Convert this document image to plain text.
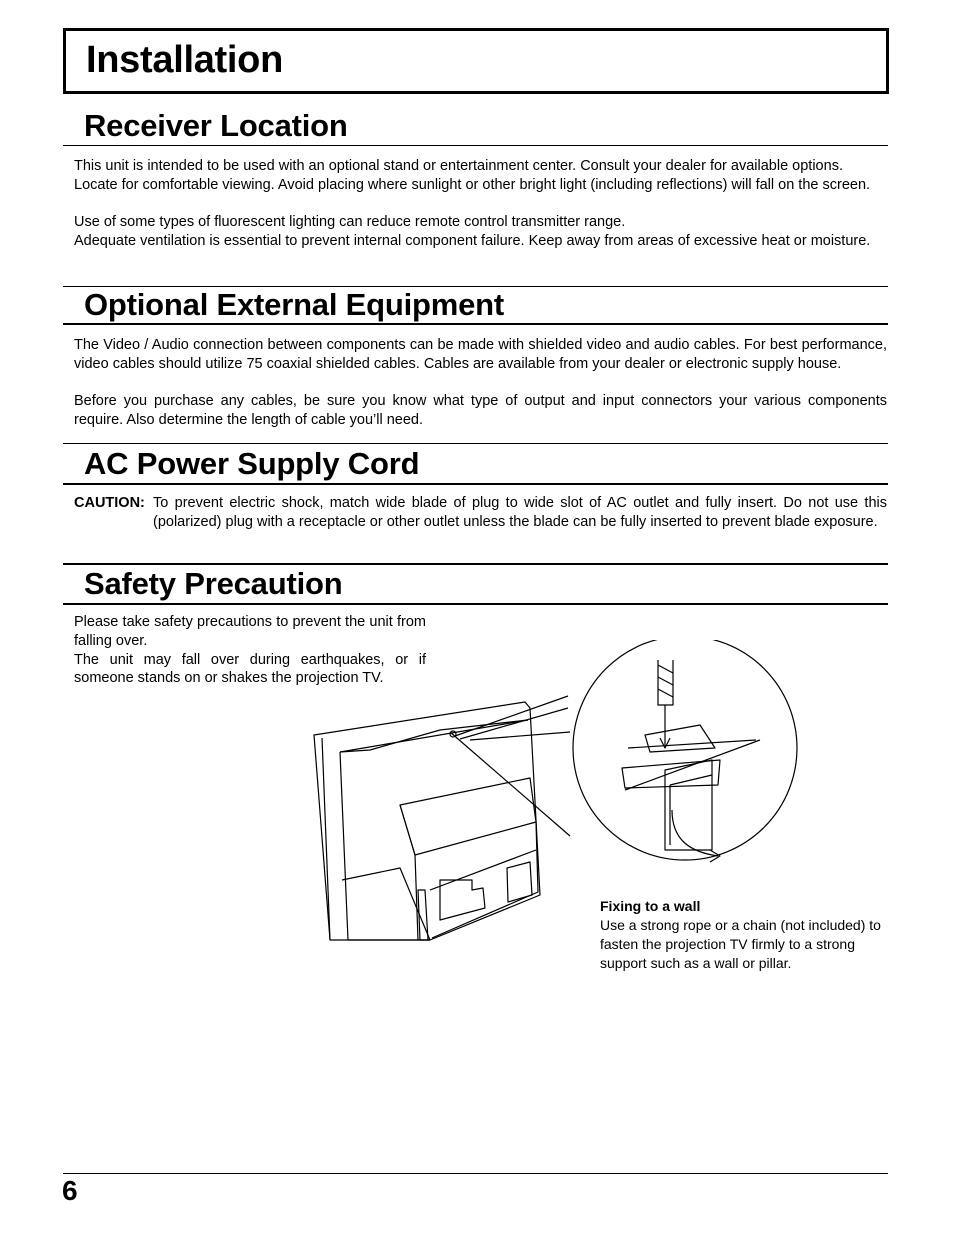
Installation
Receiver Location

This unit is intended to be used with an optional stand or entertainment center. Consult your dealer for available options.

Locate for comfortable viewing. Avoid placing where sunlight or other bright light (including reflections) will fall on the screen.

Use of some types of fluorescent lighting can reduce remote control transmitter range.

Adequate ventilation is essential to prevent internal component failure. Keep away from areas of excessive heat or moisture.

Optional External Equipment

The Video / Audio connection between components can be made with shielded video and audio cables. For best performance, video cables should utilize 75 coaxial shielded cables. Cables are available from your dealer or electronic supply house.

Before you purchase any cables, be sure you know what type of output and input connectors your various components require. Also determine the length of cable you’ll need.

AC Power Supply Cord
CAUTION: To prevent electric shock, match wide blade of plug to wide slot of AC outlet and fully insert. Do not use this (polarized) plug with a receptacle or other outlet unless the blade can be fully inserted to prevent blade exposure.

Safety Precaution
Please take safety precautions to prevent the unit from falling over.
The unit may fall over during earthquakes, or if someone stands on or shakes the projection TV.
Fixing to a wall

Use a strong rope or a chain (not included) to fasten the projection TV firmly to a strong support such as a wall or pillar.

6
